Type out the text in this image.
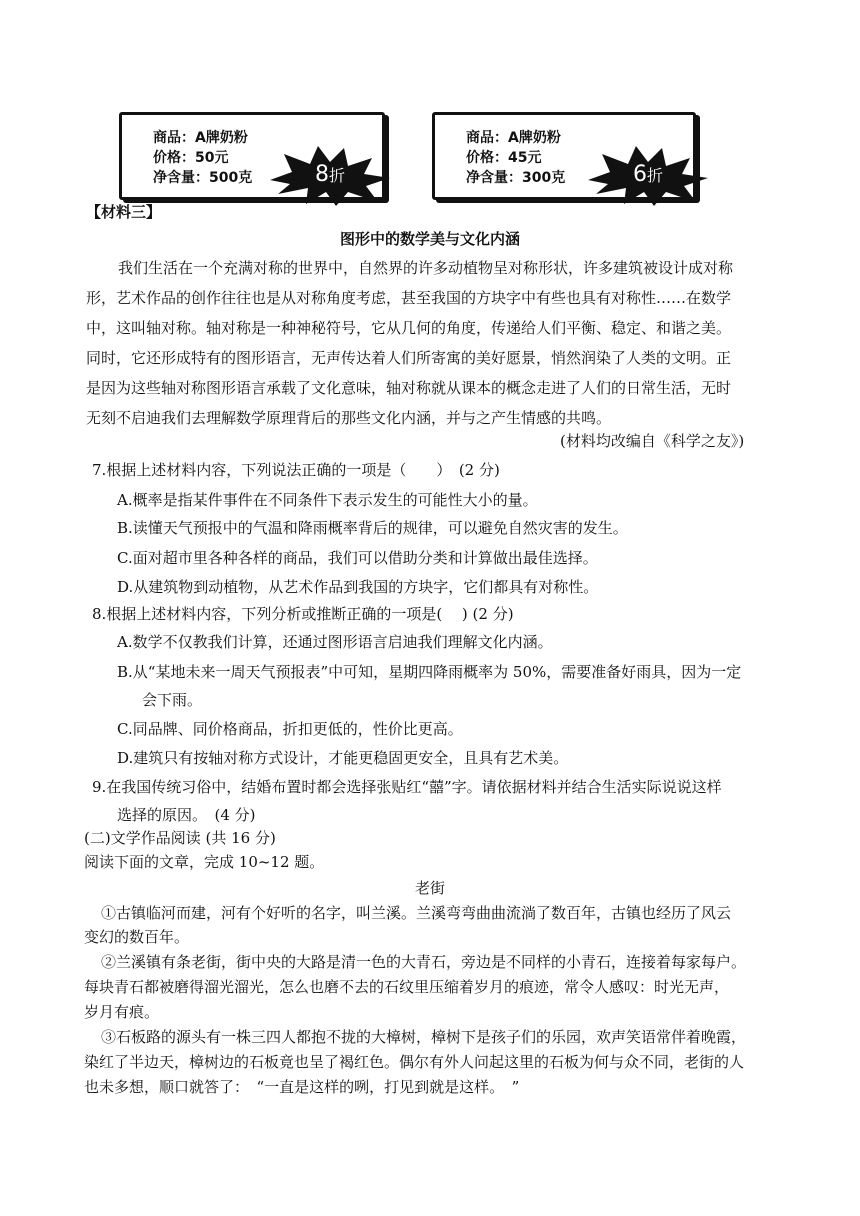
商品：A牌奶粉
价格：50元
净含量：500克	8折
商品：A牌奶粉
价格：45元
净含量：300克	6折
【材料三】
图形中的数学美与文化内涵
我们生活在一个充满对称的世界中，自然界的许多动植物呈对称形状，许多建筑被设计成对称
形，艺术作品的创作往往也是从对称角度考虑，甚至我国的方块字中有些也具有对称性……在数学
中，这叫轴对称。轴对称是一种神秘符号，它从几何的角度，传递给人们平衡、稳定、和谐之美。
同时，它还形成特有的图形语言，无声传达着人们所寄寓的美好愿景，悄然润染了人类的文明。正
是因为这些轴对称图形语言承载了文化意味，轴对称就从课本的概念走进了人们的日常生活，无时
无刻不启迪我们去理解数学原理背后的那些文化内涵，并与之产生情感的共鸣。
(材料均改编自《科学之友》)
7.根据上述材料内容，下列说法正确的一项是（　　）　(2 分)
A.概率是指某件事件在不同条件下表示发生的可能性大小的量。
B.读懂天气预报中的气温和降雨概率背后的规律，可以避免自然灾害的发生。
C.面对超市里各种各样的商品，我们可以借助分类和计算做出最佳选择。
D.从建筑物到动植物，从艺术作品到我国的方块字，它们都具有对称性。
8.根据上述材料内容，下列分析或推断正确的一项是(　 ) (2 分)
A.数学不仅教我们计算，还通过图形语言启迪我们理解文化内涵。
B.从“某地未来一周天气预报表”中可知，星期四降雨概率为 50%，需要准备好雨具，因为一定
会下雨。
C.同品牌、同价格商品，折扣更低的，性价比更高。
D.建筑只有按轴对称方式设计，才能更稳固更安全，且具有艺术美。
9.在我国传统习俗中，结婚布置时都会选择张贴红“囍”字。请依据材料并结合生活实际说说这样
选择的原因。　(4 分)
(二)文学作品阅读 (共 16 分)
阅读下面的文章，完成 10~12 题。
老街
①古镇临河而建，河有个好听的名字，叫兰溪。兰溪弯弯曲曲流淌了数百年，古镇也经历了风云
变幻的数百年。
②兰溪镇有条老街，街中央的大路是清一色的大青石，旁边是不同样的小青石，连接着每家每户。
每块青石都被磨得溜光溜光，怎么也磨不去的石纹里压缩着岁月的痕迹，常令人感叹：时光无声，
岁月有痕。
③石板路的源头有一株三四人都抱不拢的大樟树，樟树下是孩子们的乐园，欢声笑语常伴着晚霞，
染红了半边天，樟树边的石板竟也呈了褐红色。偶尔有外人问起这里的石板为何与众不同，老街的人
也未多想，顺口就答了：　“一直是这样的咧，打见到就是这样。　”
